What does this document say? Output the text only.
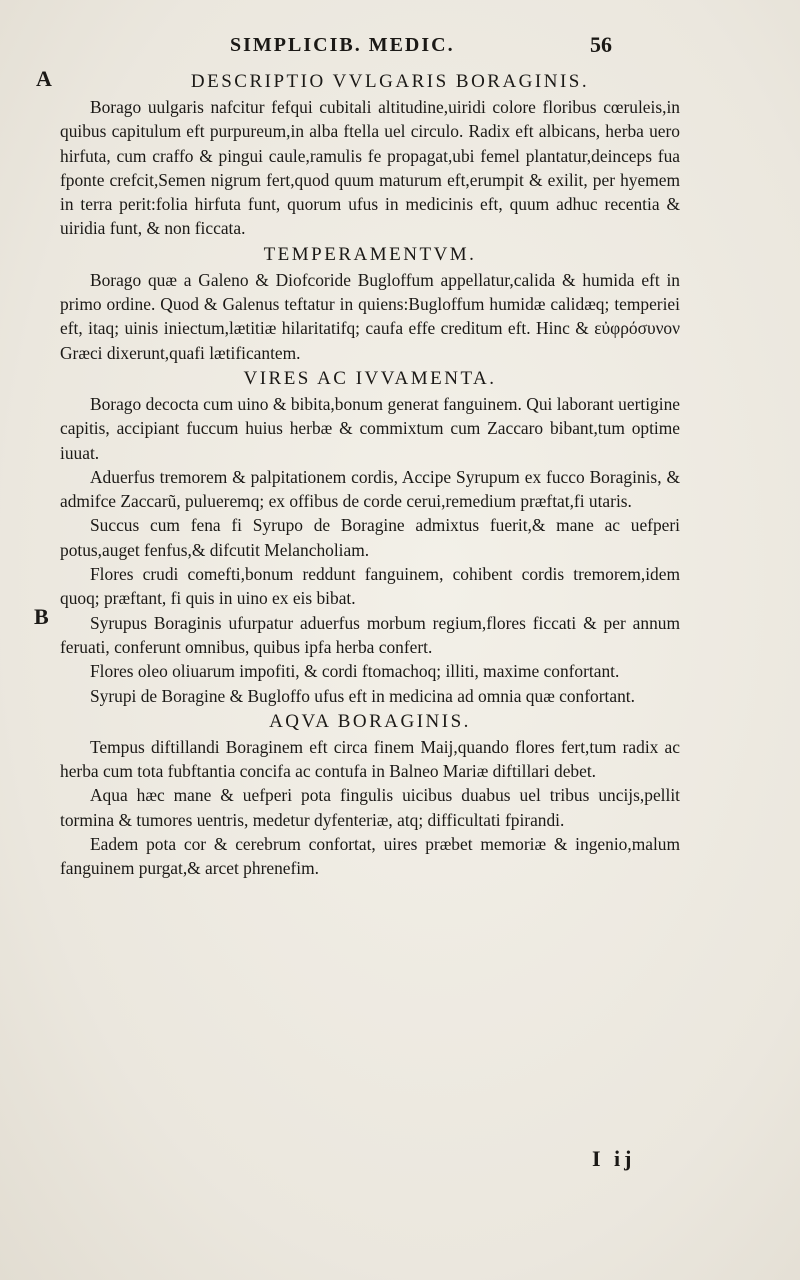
SIMPLICIB. MEDIC.	56
A
B
DESCRIPTIO VVLGARIS BORAGINIS.

Borago uulgaris nafcitur fefqui cubitali altitudine,uiridi colore floribus cœruleis,in quibus capitulum eft purpureum,in alba ftella uel circulo. Radix eft albicans, herba uero hirfuta, cum craffo & pingui caule,ramulis fe propagat,ubi femel plantatur,deinceps fua fponte crefcit,Semen nigrum fert,quod quum maturum eft,erumpit & exilit, per hyemem in terra perit:folia hirfuta funt, quorum ufus in medicinis eft, quum adhuc recentia & uiridia funt, & non ficcata.

TEMPERAMENTVM.

Borago quæ a Galeno & Diofcoride Bugloffum appellatur,calida & humida eft in primo ordine. Quod & Galenus teftatur in quiens:Bugloffum humidæ calidæq; temperiei eft, itaq; uinis iniectum,lætitiæ hilaritatifq; caufa effe creditum eft. Hinc & εὐφρόσυνον Græci dixerunt,quafi lætificantem.

VIRES AC IVVAMENTA.

Borago decocta cum uino & bibita,bonum generat fanguinem. Qui laborant uertigine capitis, accipiant fuccum huius herbæ & commixtum cum Zaccaro bibant,tum optime iuuat.

Aduerfus tremorem & palpitationem cordis, Accipe Syrupum ex fucco Boraginis, & admifce Zaccarũ, pulueremq; ex offibus de corde cerui,remedium præftat,fi utaris.

Succus cum fena fi Syrupo de Boragine admixtus fuerit,& mane ac uefperi potus,auget fenfus,& difcutit Melancholiam.

Flores crudi comefti,bonum reddunt fanguinem, cohibent cordis tremorem,idem quoq; præftant, fi quis in uino ex eis bibat.

Syrupus Boraginis ufurpatur aduerfus morbum regium,flores ficcati & per annum feruati, conferunt omnibus, quibus ipfa herba confert.

Flores oleo oliuarum impofiti, & cordi ftomachoq; illiti, maxime confortant.

Syrupi de Boragine & Bugloffo ufus eft in medicina ad omnia quæ confortant.

AQVA BORAGINIS.

Tempus diftillandi Boraginem eft circa finem Maij,quando flores fert,tum radix ac herba cum tota fubftantia concifa ac contufa in Balneo Mariæ diftillari debet.

Aqua hæc mane & uefperi pota fingulis uicibus duabus uel tribus uncijs,pellit tormina & tumores uentris, medetur dyfenteriæ, atq; difficultati fpirandi.

Eadem pota cor & cerebrum confortat, uires præbet memoriæ & ingenio,malum fanguinem purgat,& arcet phrenefim.

I ij
